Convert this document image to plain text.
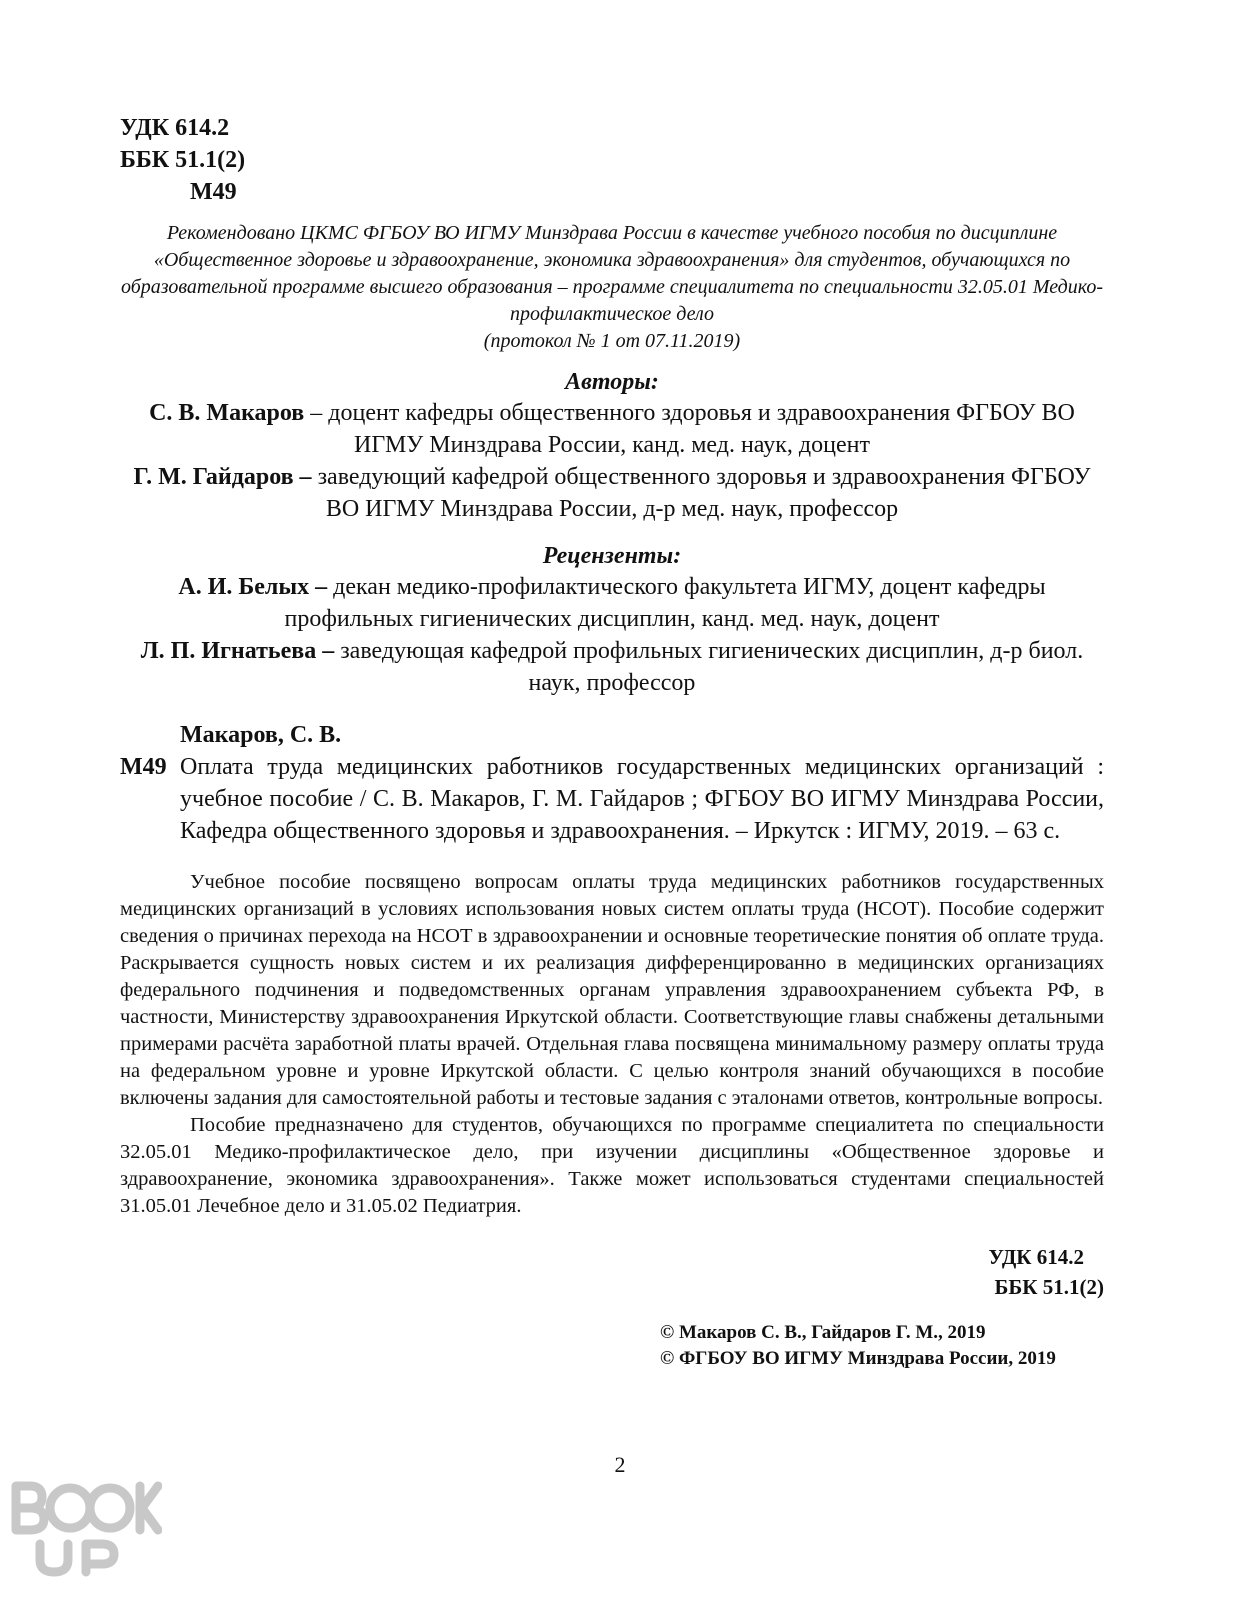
УДК 614.2
ББК 51.1(2)
М49
Рекомендовано ЦКМС ФГБОУ ВО ИГМУ Минздрава России в качестве учебного пособия по дисциплине «Общественное здоровье и здравоохранение, экономика здравоохранения» для студентов, обучающихся по образовательной программе высшего образования – программе специалитета по специальности 32.05.01 Медико-профилактическое дело
(протокол № 1 от 07.11.2019)
Авторы:
С. В. Макаров – доцент кафедры общественного здоровья и здравоохранения ФГБОУ ВО ИГМУ Минздрава России, канд. мед. наук, доцент
Г. М. Гайдаров – заведующий кафедрой общественного здоровья и здравоохранения ФГБОУ ВО ИГМУ Минздрава России, д-р мед. наук, профессор
Рецензенты:
А. И. Белых – декан медико-профилактического факультета ИГМУ, доцент кафедры профильных гигиенических дисциплин, канд. мед. наук, доцент
Л. П. Игнатьева – заведующая кафедрой профильных гигиенических дисциплин, д-р биол. наук, профессор
Макаров, С. В.
М49 Оплата труда медицинских работников государственных медицинских организаций : учебное пособие / С. В. Макаров, Г. М. Гайдаров ; ФГБОУ ВО ИГМУ Минздрава России, Кафедра общественного здоровья и здравоохранения. – Иркутск : ИГМУ, 2019. – 63 с.

Учебное пособие посвящено вопросам оплаты труда медицинских работников государственных медицинских организаций в условиях использования новых систем оплаты труда (НСОТ). Пособие содержит сведения о причинах перехода на НСОТ в здравоохранении и основные теоретические понятия об оплате труда. Раскрывается сущность новых систем и их реализация дифференцированно в медицинских организациях федерального подчинения и подведомственных органам управления здравоохранением субъекта РФ, в частности, Министерству здравоохранения Иркутской области. Соответствующие главы снабжены детальными примерами расчёта заработной платы врачей. Отдельная глава посвящена минимальному размеру оплаты труда на федеральном уровне и уровне Иркутской области. С целью контроля знаний обучающихся в пособие включены задания для самостоятельной работы и тестовые задания с эталонами ответов, контрольные вопросы.

Пособие предназначено для студентов, обучающихся по программе специалитета по специальности 32.05.01 Медико-профилактическое дело, при изучении дисциплины «Общественное здоровье и здравоохранение, экономика здравоохранения». Также может использоваться студентами специальностей 31.05.01 Лечебное дело и 31.05.02 Педиатрия.

УДК 614.2
ББК 51.1(2)
© Макаров С. В., Гайдаров Г. М., 2019
© ФГБОУ ВО ИГМУ Минздрава России, 2019
2
